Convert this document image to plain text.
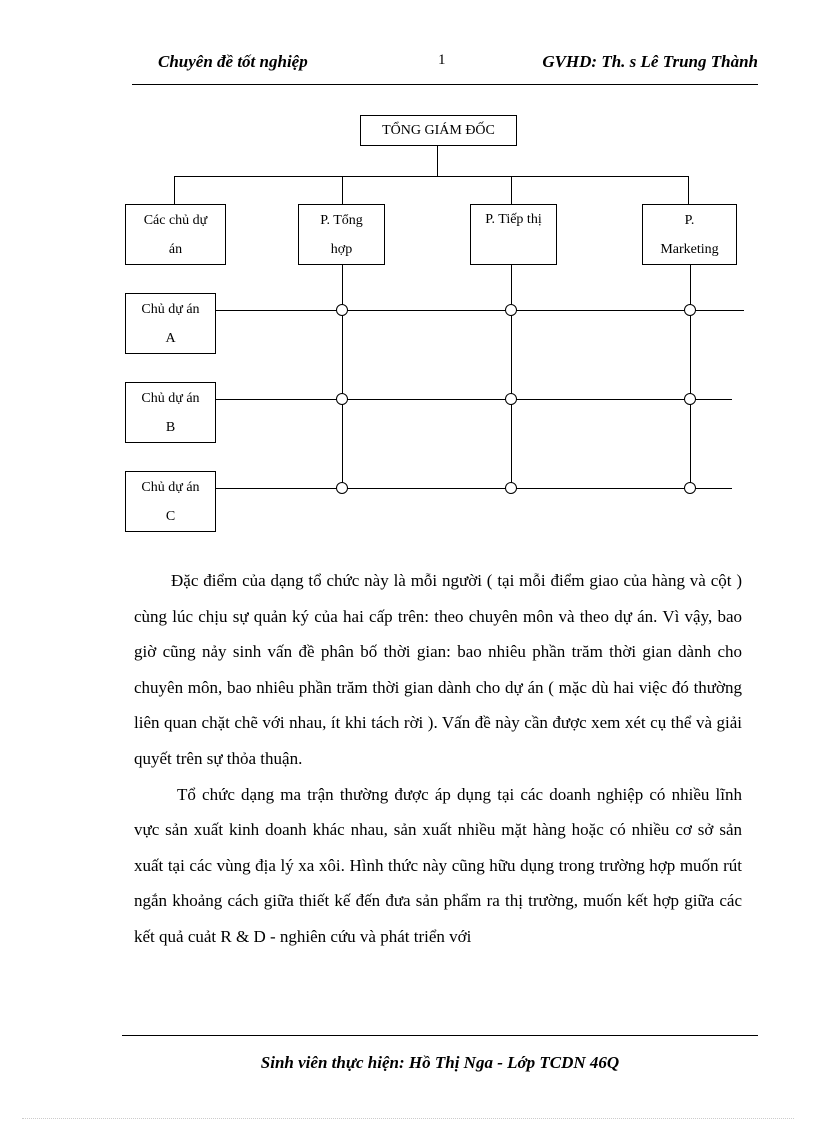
Chuyên đề tốt nghiệp	1	GVHD: Th. s Lê Trung Thành
TỔNG GIÁM ĐỐC
Các chủ dự
án
P. Tổng
hợp
P. Tiếp thị	P.
Marketing
Chủ dự án
A
Chủ dự án
B
Chủ dự án
C

Đặc điểm của dạng tổ chức này là mỗi người ( tại mỗi điểm giao của hàng và cột ) cùng lúc chịu sự quản ký của hai cấp trên: theo chuyên môn và theo dự án. Vì vậy, bao giờ cũng nảy sinh vấn đề phân bố thời gian: bao nhiêu phần trăm thời gian dành cho chuyên môn, bao nhiêu phần trăm thời gian dành cho dự án ( mặc dù hai việc đó thường liên quan chặt chẽ với nhau, ít khi tách rời ). Vấn đề này cần được xem xét cụ thể và giải quyết trên sự thỏa thuận.

Tổ chức dạng ma trận thường được áp dụng tại các doanh nghiệp có nhiều lĩnh vực sản xuất kinh doanh khác nhau, sản xuất nhiều mặt hàng hoặc có nhiều cơ sở sản xuất tại các vùng địa lý xa xôi. Hình thức này cũng hữu dụng trong trường hợp muốn rút ngắn khoảng cách giữa thiết kế đến đưa sản phẩm ra thị trường, muốn kết hợp giữa các kết quả cuảt R & D - nghiên cứu và phát triển với

Sinh viên thực hiện: Hồ Thị Nga - Lớp TCDN 46Q
